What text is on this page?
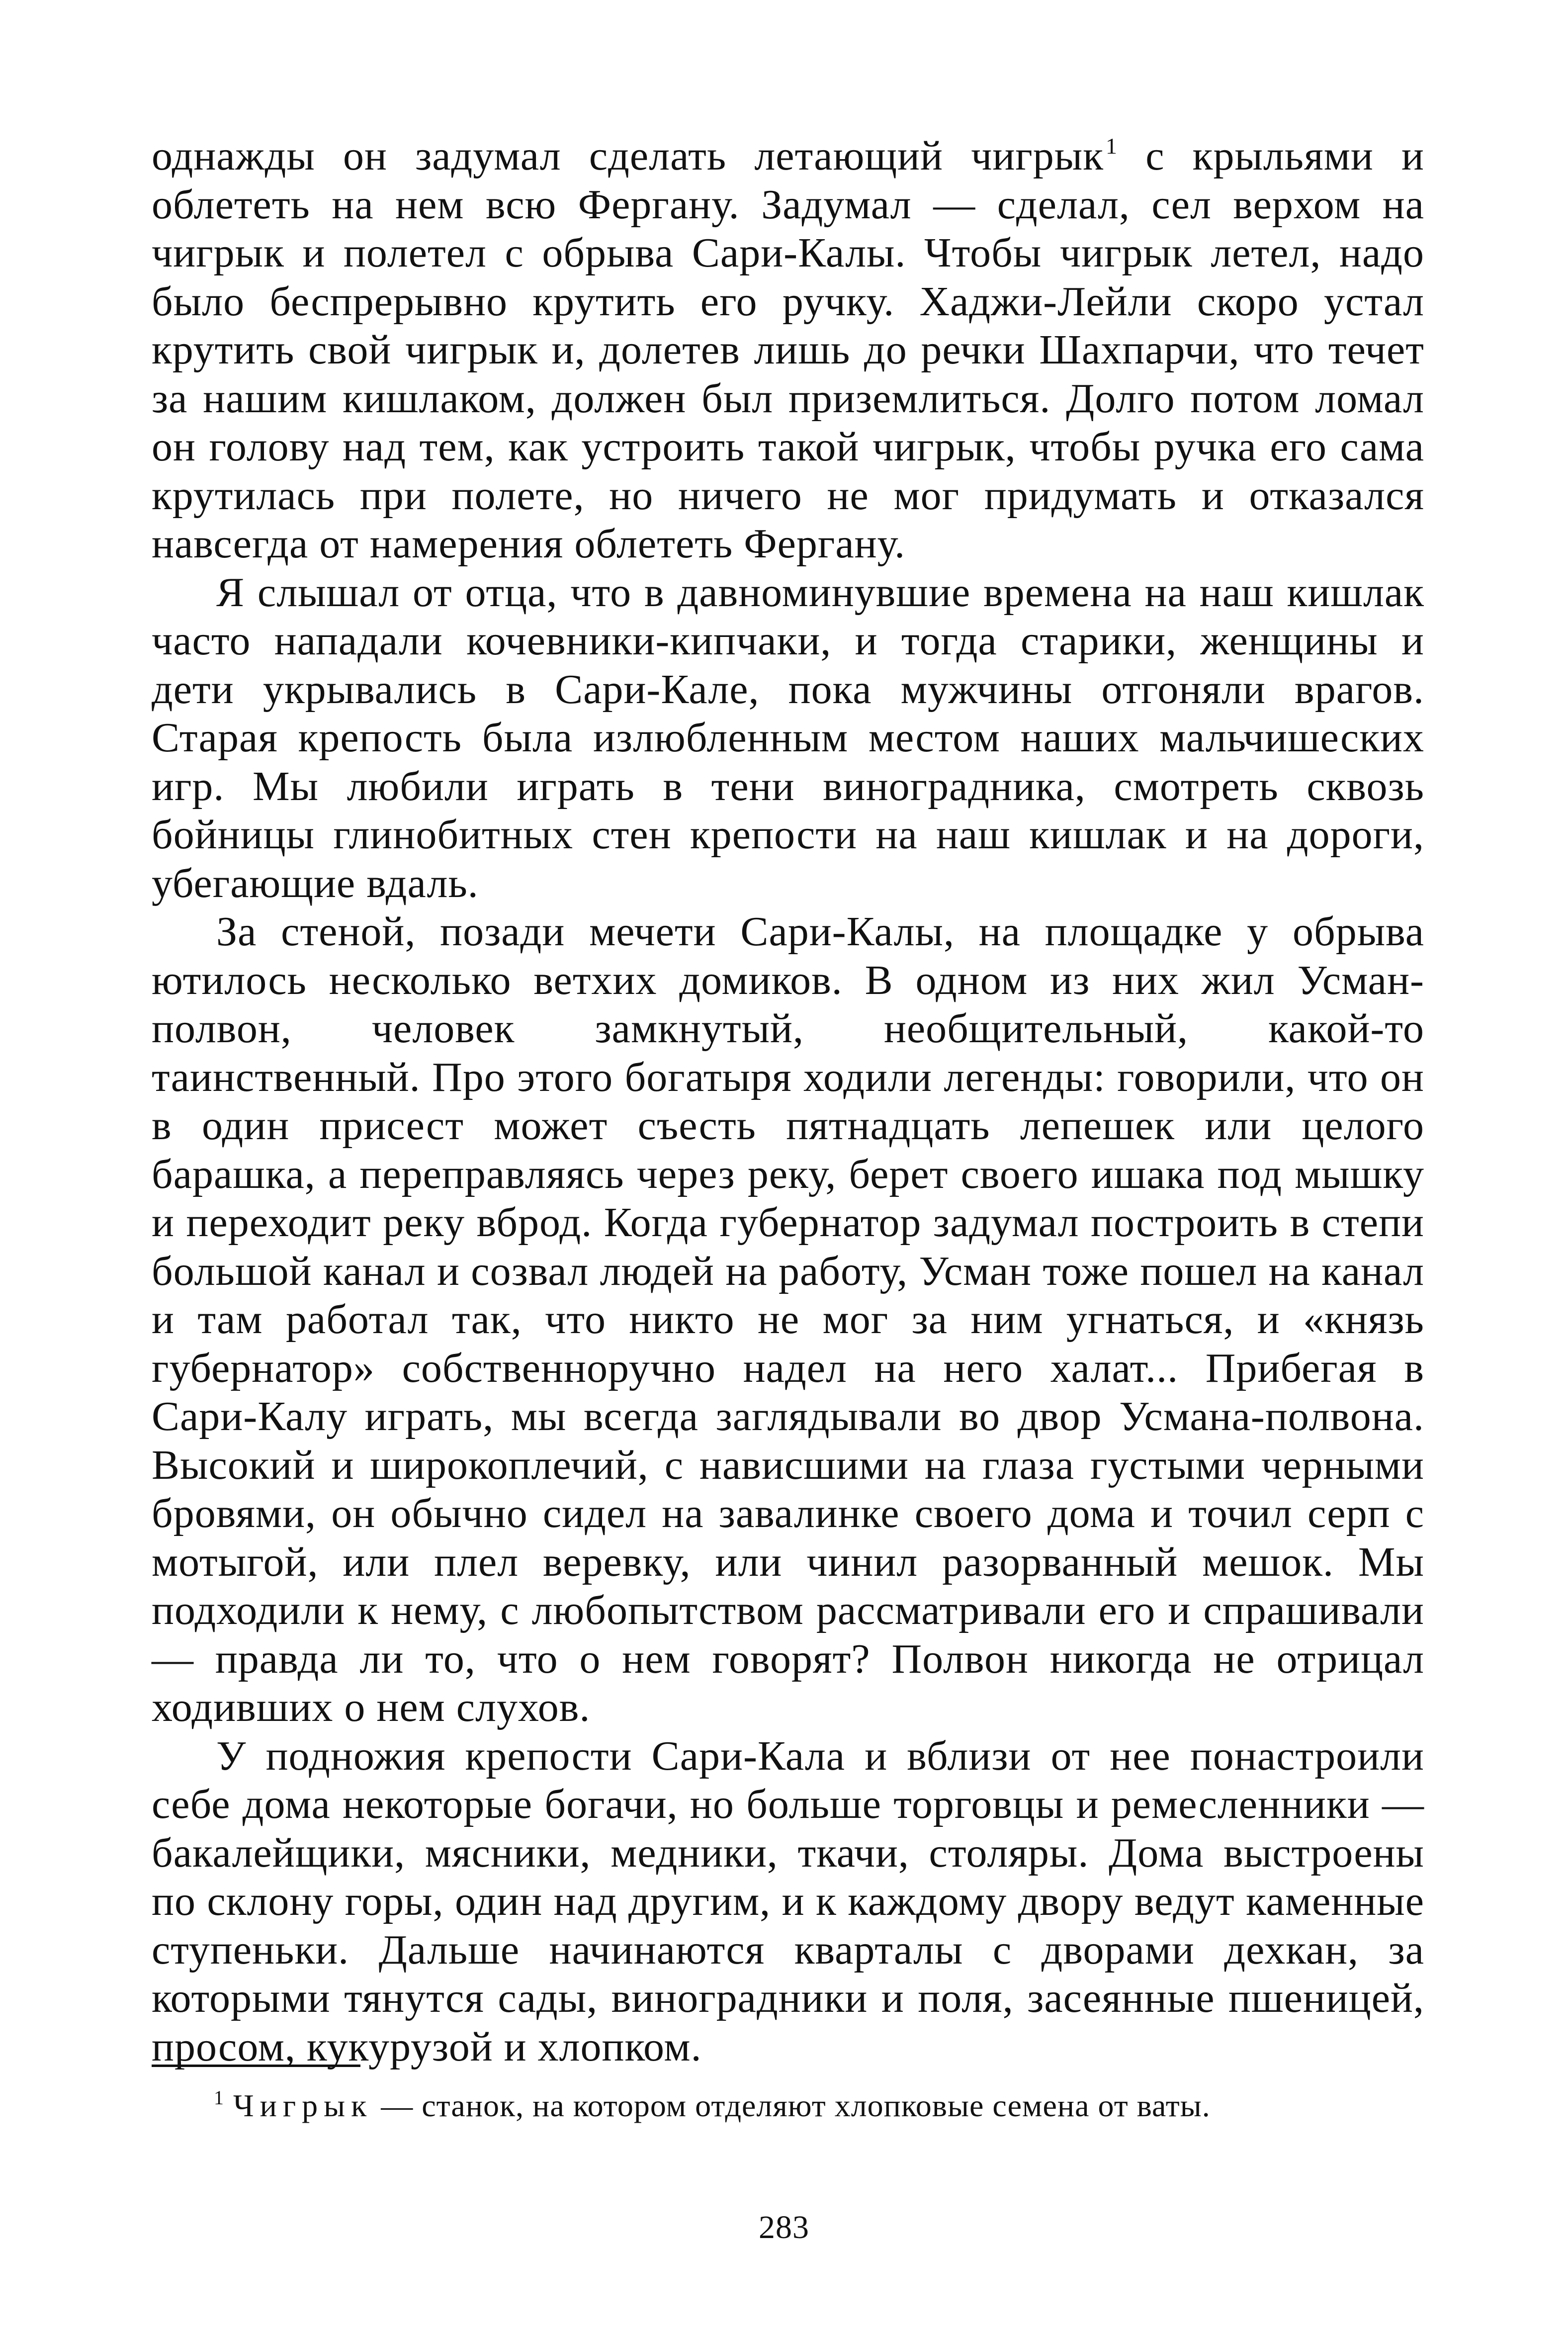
однажды он задумал сделать летающий чигрык$^1$ с крыльями и облететь на нем всю Фергану. Задумал — сделал, сел верхом на чигрык и полетел с обрыва Сари-Калы. Чтобы чигрык летел, надо было беспрерывно крутить его ручку. Хаджи-Лейли скоро устал крутить свой чигрык и, долетев лишь до речки Шахпарчи, что течет за нашим кишлаком, должен был приземлиться. Долго потом ломал он голову над тем, как устроить такой чигрык, чтобы ручка его сама крутилась при полете, но ничего не мог придумать и отказался навсегда от намерения облететь Фергану.

Я слышал от отца, что в давноминувшие времена на наш кишлак часто нападали кочевники-кипчаки, и тогда старики, женщины и дети укрывались в Сари-Кале, пока мужчины отгоняли врагов. Старая крепость была излюбленным местом наших мальчишеских игр. Мы любили играть в тени виноградника, смотреть сквозь бойницы глинобитных стен крепости на наш кишлак и на дороги, убегающие вдаль.

За стеной, позади мечети Сари-Калы, на площадке у обрыва ютилось несколько ветхих домиков. В одном из них жил Усман-полвон, человек замкнутый, необщительный, какой-то таинственный. Про этого богатыря ходили легенды: говорили, что он в один присест может съесть пятнадцать лепешек или целого барашка, а переправляясь через реку, берет своего ишака под мышку и переходит реку вброд. Когда губернатор задумал построить в степи большой канал и созвал людей на работу, Усман тоже пошел на канал и там работал так, что никто не мог за ним угнаться, и «князь губернатор» собственноручно надел на него халат... Прибегая в Сари-Калу играть, мы всегда заглядывали во двор Усмана-полвона. Высокий и широкоплечий, с нависшими на глаза густыми черными бровями, он обычно сидел на завалинке своего дома и точил серп с мотыгой, или плел веревку, или чинил разорванный мешок. Мы подходили к нему, с любопытством рассматривали его и спрашивали — правда ли то, что о нем говорят? Полвон никогда не отрицал ходивших о нем слухов.

У подножия крепости Сари-Кала и вблизи от нее понастроили себе дома некоторые богачи, но больше торговцы и ремесленники — бакалейщики, мясники, медники, ткачи, столяры. Дома выстроены по склону горы, один над другим, и к каждому двору ведут каменные ступеньки. Дальше начинаются кварталы с дворами дехкан, за которыми тянутся сады, виноградники и поля, засеянные пшеницей, просом, кукурузой и хлопком.

$^1$ Чигрык — станок, на котором отделяют хлопковые семена от ваты.
283
